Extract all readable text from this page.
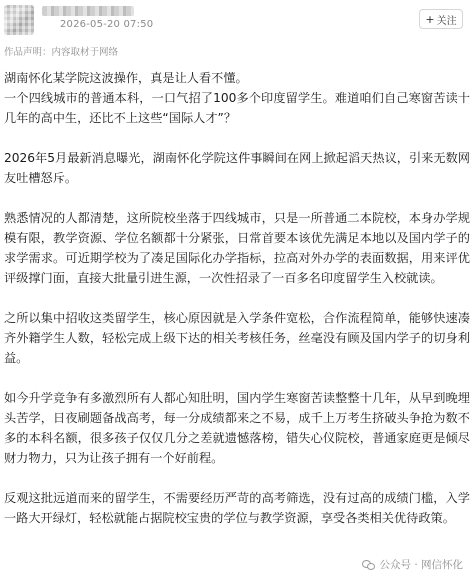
2026-05-20 07:50	+ 关注
作品声明：内容取材于网络

湖南怀化某学院这波操作，真是让人看不懂。
一个四线城市的普通本科，一口气招了100多个印度留学生。难道咱们自己寒窗苦读十几年的高中生，还比不上这些“国际人才”？

2026年5月最新消息曝光，湖南怀化学院这件事瞬间在网上掀起滔天热议，引来无数网友吐槽怒斥。

熟悉情况的人都清楚，这所院校坐落于四线城市，只是一所普通二本院校，本身办学规模有限，教学资源、学位名额都十分紧张，日常首要本该优先满足本地以及国内学子的求学需求。可近期学校为了凑足国际化办学指标，拉高对外办学的表面数据，用来评优评级撑门面，直接大批量引进生源，一次性招录了一百多名印度留学生入校就读。

之所以集中招收这类留学生，核心原因就是入学条件宽松，合作流程简单，能够快速凑齐外籍学生人数，轻松完成上级下达的相关考核任务，丝毫没有顾及国内学子的切身利益。

如今升学竞争有多激烈所有人都心知肚明，国内学生寒窗苦读整整十几年，从早到晚埋头苦学，日夜刷题备战高考，每一分成绩都来之不易，成千上万考生挤破头争抢为数不多的本科名额，很多孩子仅仅几分之差就遗憾落榜，错失心仪院校，普通家庭更是倾尽财力物力，只为让孩子拥有一个好前程。

反观这批远道而来的留学生，不需要经历严苛的高考筛选，没有过高的成绩门槛，入学一路大开绿灯，轻松就能占据院校宝贵的学位与教学资源，享受各类相关优待政策。

公众号 · 网信怀化
